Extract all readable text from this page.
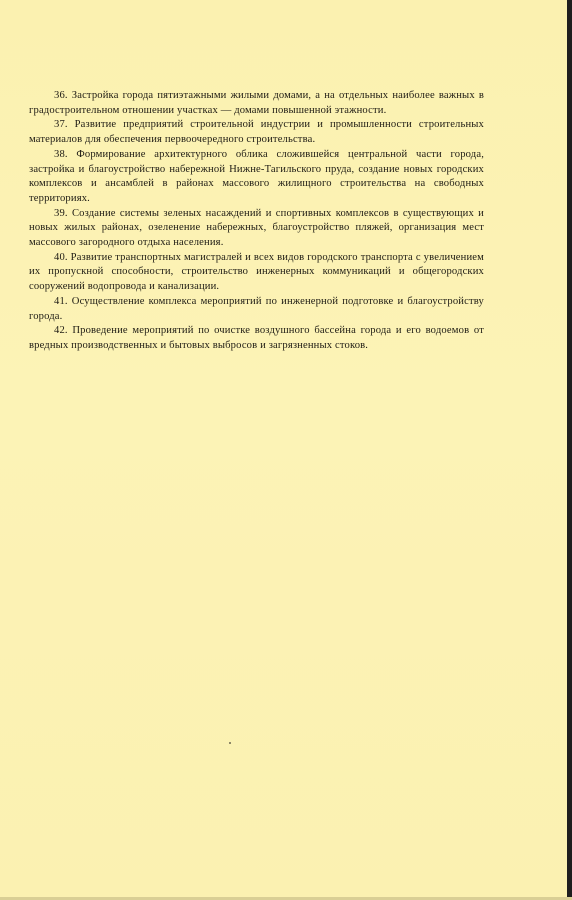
36. Застройка города пятиэтажными жилыми домами, а на отдельных наиболее важных в градостроительном отношении участках — домами повышенной этажности.

37. Развитие предприятий строительной индустрии и промышленности строительных материалов для обеспечения первоочередного строительства.

38. Формирование архитектурного облика сложившейся центральной части города, застройка и благоустройство набережной Нижне-Тагильского пруда, создание новых городских комплексов и ансамблей в районах массового жилищного строительства на свободных территориях.

39. Создание системы зеленых насаждений и спортивных комплексов в существующих и новых жилых районах, озеленение набережных, благоустройство пляжей, организация мест массового загородного отдыха населения.

40. Развитие транспортных магистралей и всех видов городского транспорта с увеличением их пропускной способности, строительство инженерных коммуникаций и общегородских сооружений водопровода и канализации.

41. Осуществление комплекса мероприятий по инженерной подготовке и благоустройству города.

42. Проведение мероприятий по очистке воздушного бассейна города и его водоемов от вредных производственных и бытовых выбросов и загрязненных стоков.
